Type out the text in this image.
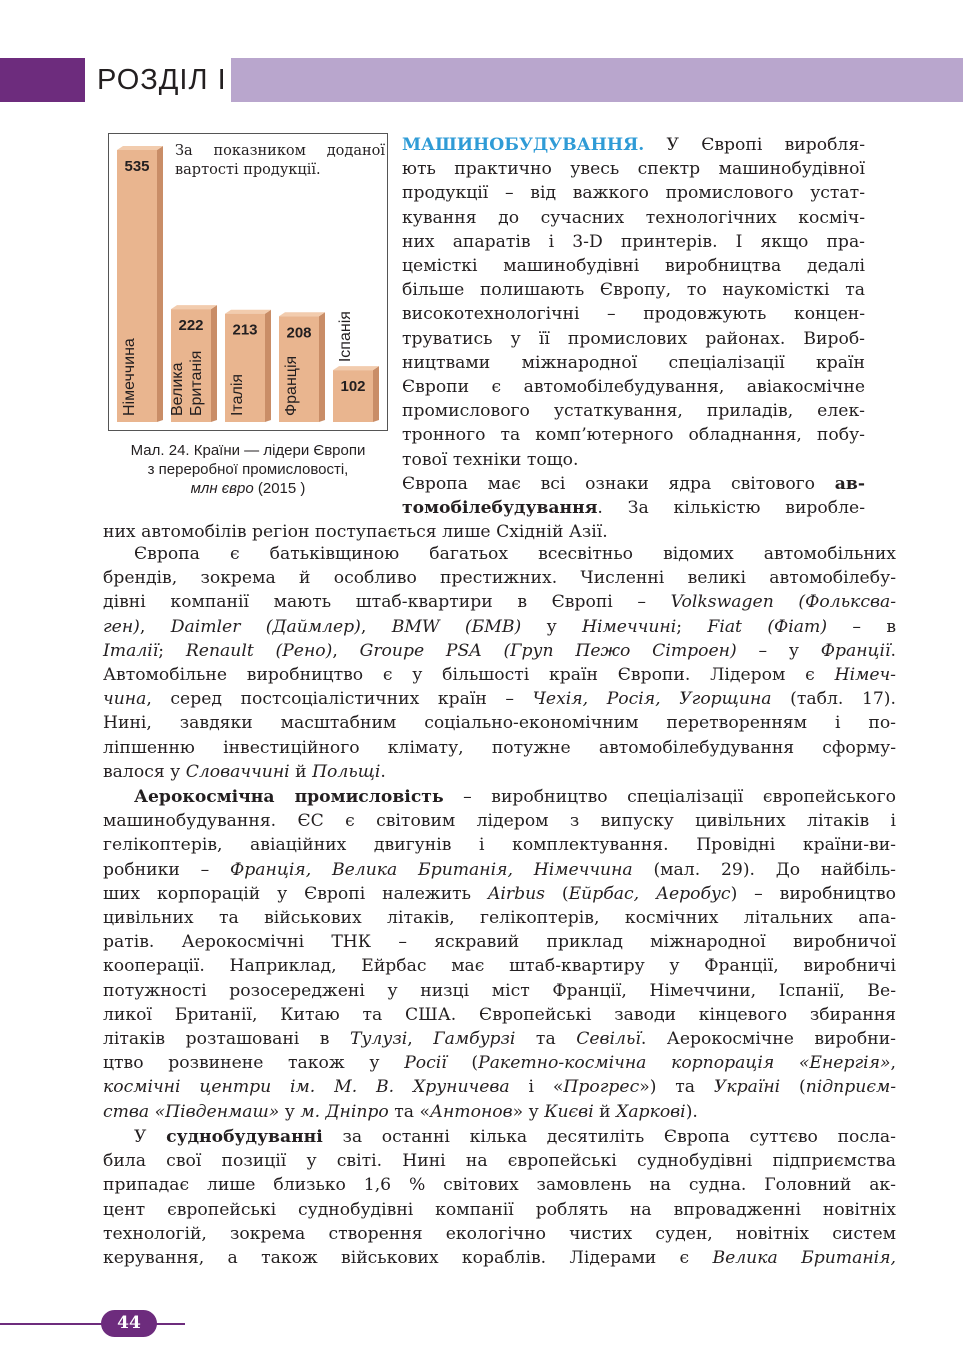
РОЗДІЛ I
535
Німеччина
222
Велика Британія
213
Італія
208
Франція	102
Іспанія
За показником доданої вартості продукції.
Мал. 24. Країни — лідери Європи
з переробної промисловості,
млн євро (2015 )
МАШИНОБУДУВАННЯ. У Європі виробля-
ють практично увесь спектр машинобудівної
продукції – від важкого промислового устат-
кування до сучасних технологічних косміч-
них апаратів і 3-D принтерів. І якщо пра-
цемісткі машинобудівні виробництва дедалі
більше полишають Європу, то наукомісткі та
високотехнологічні – продовжують концен-
труватись у її промислових районах. Вироб-
ництвами міжнародної спеціалізації країн
Європи є автомобілебудування, авіакосмічне
промислового устаткування, приладів, елек-
тронного та комп’ютерного обладнання, побу-
тової техніки тощо.
Європа має всі ознаки ядра світового ав-
томобілебудування. За кількістю вироблe-
них автомобілів регіон поступається лише Східній Азії.
Європа є батьківщиною багатьох всесвітньо відомих автомобільних
брендів, зокрема й особливо престижних. Численні великі автомобілебу-
дівні компанії мають штаб-квартири в Європі – Volkswagen (Фольксва-
ген), Daimler (Даймлер), BMW (БМВ) у Німеччині; Fiat (Фіат) – в
Італії; Renault (Рено), Groupe PSA (Груп Пежо Сітроен) – у Франції.
Автомобільне виробництво є у більшості країн Європи. Лідером є Німеч-
чина, серед постсоціалістичних країн – Чехія, Росія, Угорщина (табл. 17).
Нині, завдяки масштабним соціально-економічним перетворенням і по-
ліпшенню інвестиційного клімату, потужне автомобілебудування сформу-
валося у Словаччині й Польщі.
Аерокосмічна промисловість – виробництво спеціалізації європейського
машинобудування. ЄС є світовим лідером з випуску цивільних літаків і
гелікоптерів, авіаційних двигунів і комплектування. Провідні країни-ви-
робники – Франція, Велика Британія, Німеччина (мал. 29). До найбіль-
ших корпорацій у Європі належить Airbus (Ейрбас, Аеробус) – виробництво
цивільних та військових літаків, гелікоптерів, космічних літальних апа-
ратів. Аерокосмічні ТНК – яскравий приклад міжнародної виробничої
кооперації. Наприклад, Ейрбас має штаб-квартиру у Франції, виробничі
потужності розосереджені у низці міст Франції, Німеччини, Іспанії, Ве-
ликої Британії, Китаю та США. Європейські заводи кінцевого збирання
літаків розташовані в Тулузі, Гамбурзі та Севільї. Аерокосмічне виробни-
цтво розвинене також у Росії (Ракетно-космічна корпорація «Енергія»,
космічні центри ім. М. В. Хруничева і «Прогрес») та Україні (підприєм-
ства «Південмаш» у м. Дніпро та «Антонов» у Києві й Харкові).
У суднобудуванні за останні кілька десятиліть Європа суттєво посла-
била свої позиції у світі. Нині на європейські суднобудівні підприємства
припадає лише близько 1,6 % світових замовлень на судна. Головний ак-
цент європейські суднобудівні компанії роблять на впровадженні новітніх
технологій, зокрема створення екологічно чистих суден, новітніх систем
керування, а також військових кораблів. Лідерами є Велика Британія,
44
